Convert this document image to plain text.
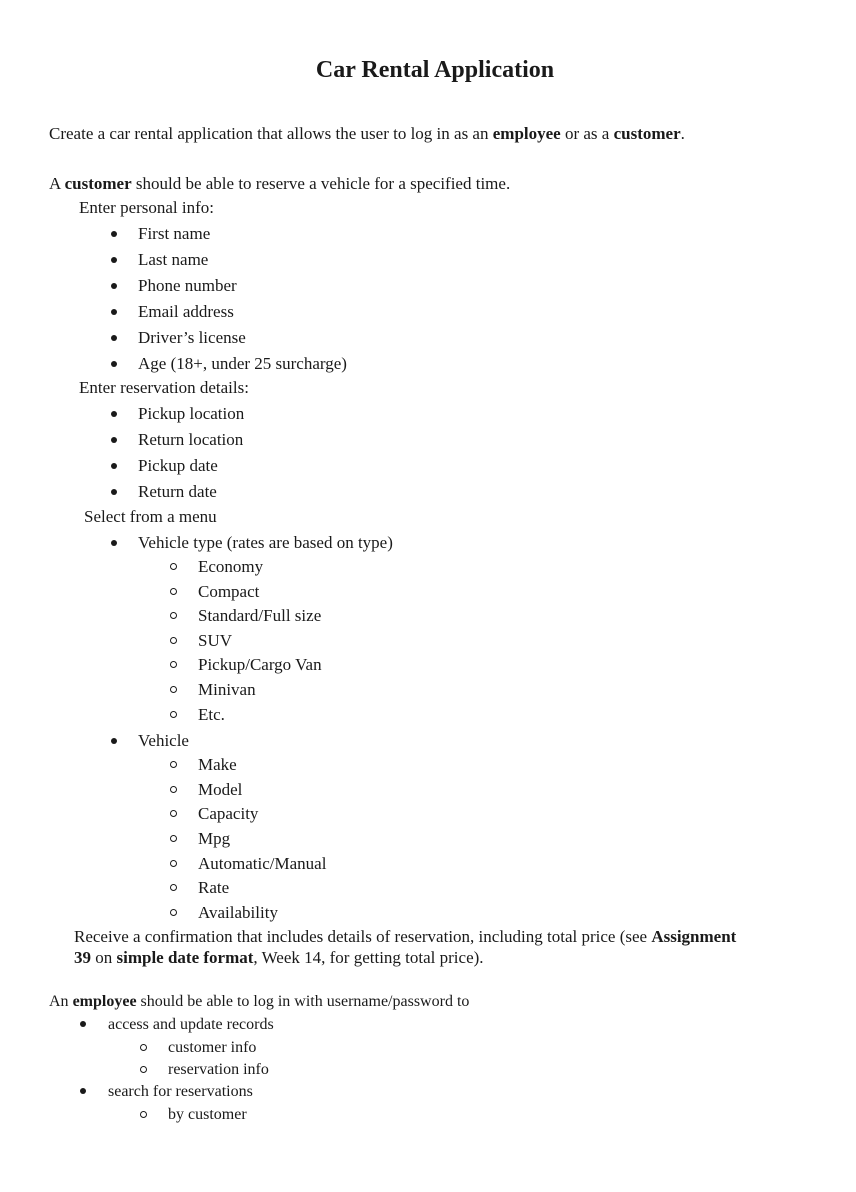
Car Rental Application
Create a car rental application that allows the user to log in as an employee or as a customer.
A customer should be able to reserve a vehicle for a specified time.
Enter personal info:
First name
Last name
Phone number
Email address
Driver’s license
Age (18+, under 25 surcharge)
Enter reservation details:
Pickup location
Return location
Pickup date
Return date
Select from a menu
Vehicle type (rates are based on type)
Economy
Compact
Standard/Full size
SUV
Pickup/Cargo Van
Minivan
Etc.
Vehicle
Make
Model
Capacity
Mpg
Automatic/Manual
Rate
Availability
Receive a confirmation that includes details of reservation, including total price (see Assignment
39 on simple date format, Week 14, for getting total price).
An employee should be able to log in with username/password to
access and update records
customer info
reservation info
search for reservations
by customer
